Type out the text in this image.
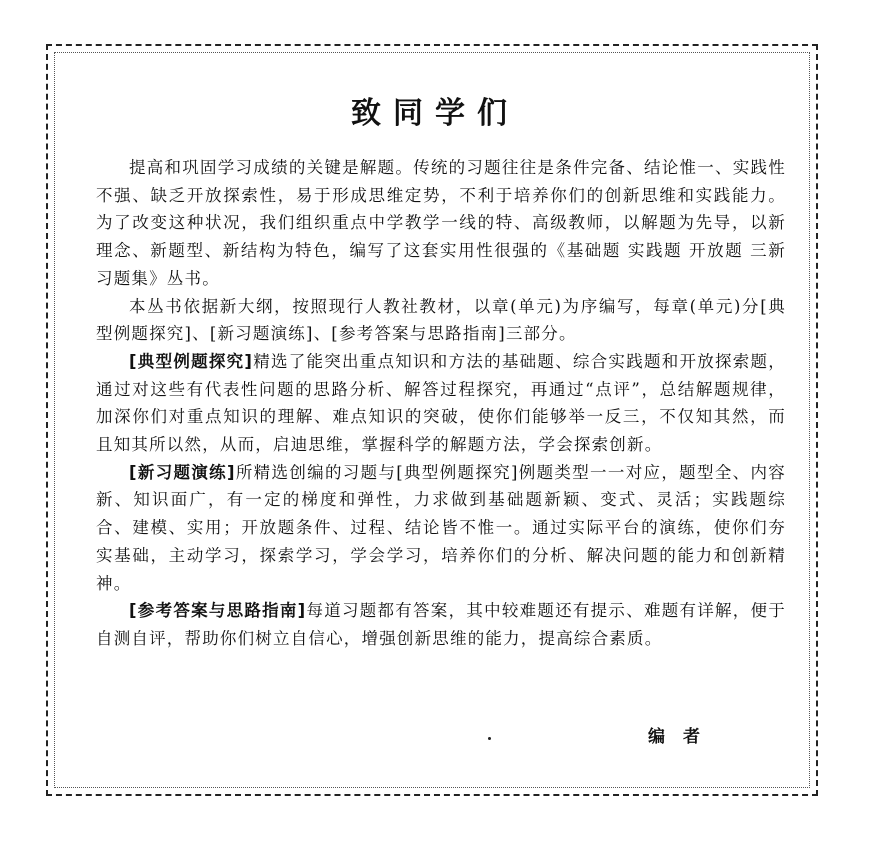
致同学们

提高和巩固学习成绩的关键是解题。传统的习题往往是条件完备、结论惟一、实践性不强、缺乏开放探索性，易于形成思维定势，不利于培养你们的创新思维和实践能力。为了改变这种状况，我们组织重点中学教学一线的特、高级教师，以解题为先导，以新理念、新题型、新结构为特色，编写了这套实用性很强的《基础题 实践题 开放题 三新习题集》丛书。

本丛书依据新大纲，按照现行人教社教材，以章(单元)为序编写，每章(单元)分[典型例题探究]、[新习题演练]、[参考答案与思路指南]三部分。

[典型例题探究]精选了能突出重点知识和方法的基础题、综合实践题和开放探索题，通过对这些有代表性问题的思路分析、解答过程探究，再通过“点评”，总结解题规律，加深你们对重点知识的理解、难点知识的突破，使你们能够举一反三，不仅知其然，而且知其所以然，从而，启迪思维，掌握科学的解题方法，学会探索创新。

[新习题演练]所精选创编的习题与[典型例题探究]例题类型一一对应，题型全、内容新、知识面广，有一定的梯度和弹性，力求做到基础题新颖、变式、灵活；实践题综合、建模、实用；开放题条件、过程、结论皆不惟一。通过实际平台的演练，使你们夯实基础，主动学习，探索学习，学会学习，培养你们的分析、解决问题的能力和创新精神。

[参考答案与思路指南]每道习题都有答案，其中较难题还有提示、难题有详解，便于自测自评，帮助你们树立自信心，增强创新思维的能力，提高综合素质。

编者
